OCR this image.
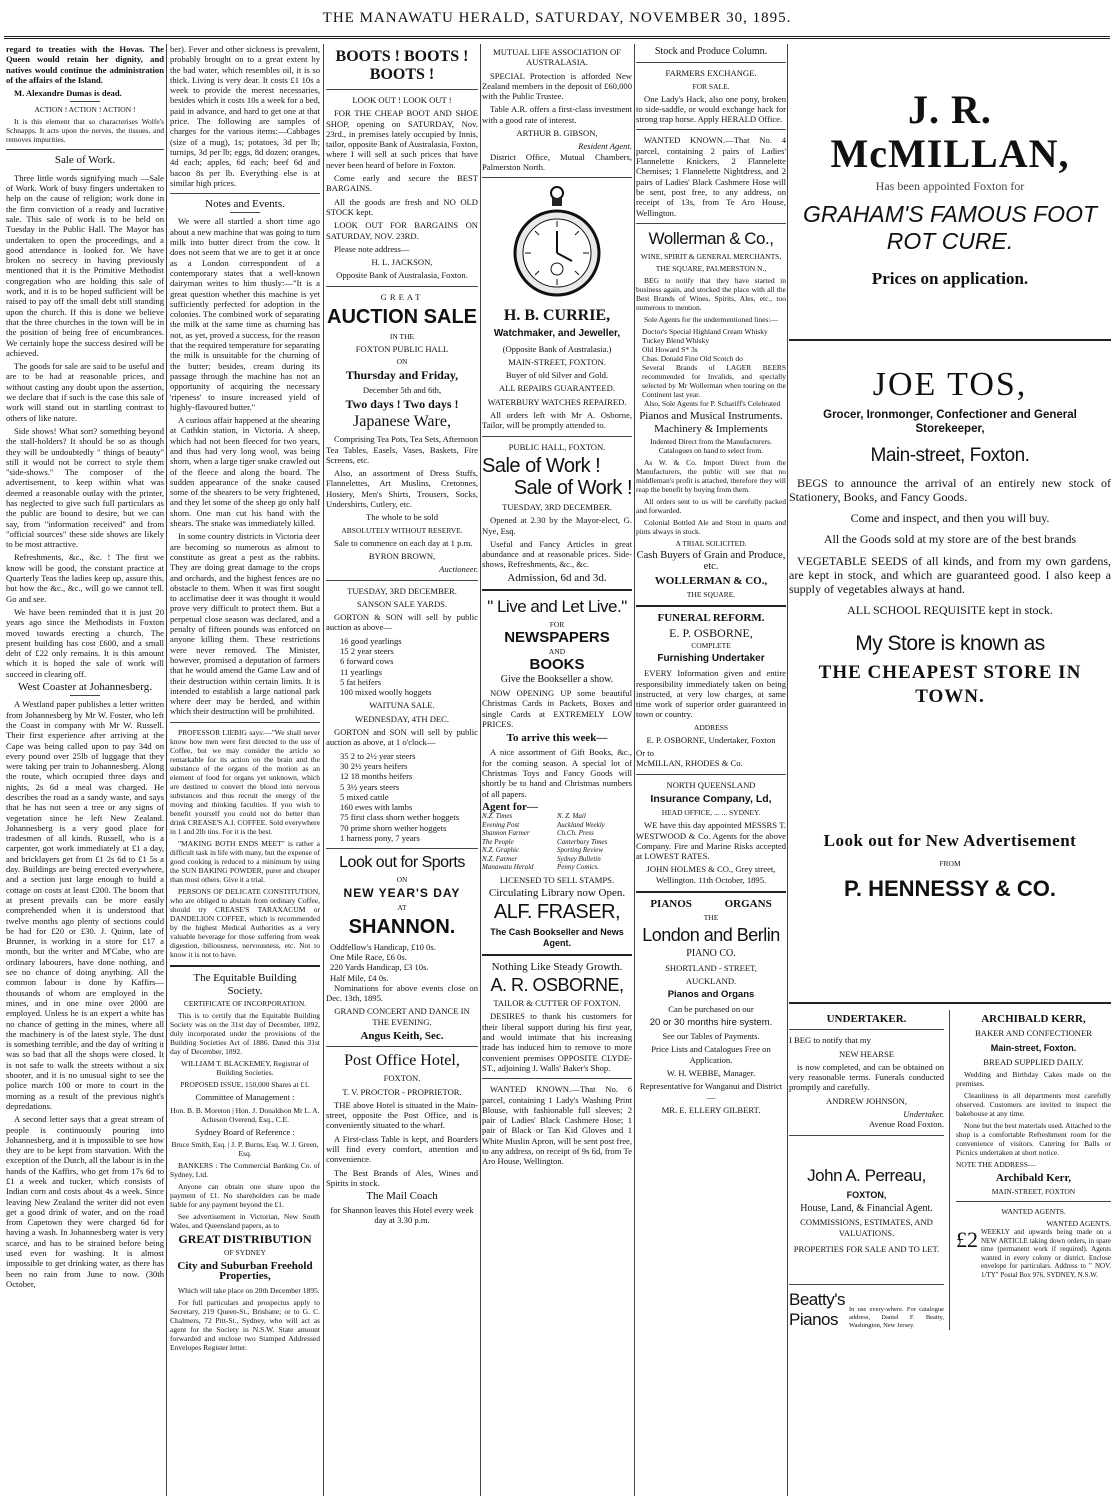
THE MANAWATU HERALD, SATURDAY, NOVEMBER 30, 1895.

regard to treaties with the Hovas. The Queen would retain her dignity, and natives would continue the administration of the affairs of the Island.

M. Alexandre Dumas is dead.

ACTION ! ACTION ! ACTION !

It is this element that so characterises Wolfe's Schnapps. It acts upon the nerves, the tissues, and removes impurities.

Sale of Work.

Three little words signifying much —Sale of Work. Work of busy fingers undertaken to help on the cause of religion; work done in the firm conviction of a ready and lucrative sale. This sale of work is to be held on Tuesday in the Public Hall. The Mayor has undertaken to open the proceedings, and a good attendance is looked for. We have broken no secrecy in having previously mentioned that it is the Primitive Methodist congregation who are holding this sale of work, and it is to be hoped sufficient will be raised to pay off the small debt still standing upon the church. If this is done we believe that the three churches in the town will be in the position of being free of encumbrances. We certainly hope the success desired will be achieved.

The goods for sale are said to be useful and are to be had at reasonable prices, and without casting any doubt upon the assertion, we declare that if such is the case this sale of work will stand out in startling contrast to others of like nature.

Side shows! What sort? something beyond the stall-holders? It should be so as though they will be undoubtedly " things of beauty" still it would not be correct to style them "side-shows." The composer of the advertisement, to keep within what was deemed a reasonable outlay with the printer, has neglected to give such full particulars as the public are bound to desire, but we can say, from "information received" and from "official sources" these side shows are likely to be most attractive.

Refreshments, &c., &c. ! The first we know will be good, the constant practice at Quarterly Teas the ladies keep up, assure this, but how the &c., &c., will go we cannot tell. Go and see.

We have been reminded that it is just 20 years ago since the Methodists in Foxton moved towards erecting a church. The present building has cost £600, and a small debt of £22 only remains. It is this amount which it is hoped the sale of work will succeed in clearing off.

West Coaster at Johannesberg.

A Westland paper publishes a letter written from Johannesberg by Mr W. Foster, who left the Coast in company with Mr W. Russell. Their first experience after arriving at the Cape was being called upon to pay 34d on every pound over 25lb of luggage that they were taking per train to Johannesberg. Along the route, which occupied three days and nights, 2s 6d a meal was charged. He describes the road as a sandy waste, and says that he has not seen a tree or any signs of vegetation since he left New Zealand. Johannesberg is a very good place for tradesmen of all kinds. Russell, who is a carpenter, got work immediately at £1 a day, and bricklayers get from £1 2s 6d to £1 5s a day. Buildings are being erected everywhere, and a section just large enough to build a cottage on costs at least £200. The boom that at present prevails can be more easily comprehended when it is understood that twelve months ago plenty of sections could be had for £20 or £30. J. Quinn, late of Brunner, is working in a store for £17 a month, but the writer and M'Cabe, who are ordinary labourers, have done nothing, and see no chance of doing anything. All the common labour is done by Kaffirs—thousands of whom are employed in the mines, and in one mine over 2000 are employed. Unless he is an expert a white has no chance of getting in the mines, where all the machinery is of the latest style. The dust is something terrible, and the day of writing it was so bad that all the shops were closed. It is not safe to walk the streets without a six shooter, and it is no unusual sight to see the police march 100 or more to court in the morning as a result of the previous night's depredations.

A second letter says that a great stream of people is continuously pouring into Johannesberg, and it is impossible to see how they are to be kept from starvation. With the exception of the Dutch, all the labour is in the hands of the Kaffirs, who get from 17s 6d to £1 a week and tucker, which consists of Indian corn and costs about 4s a week. Since leaving New Zealand the writer did not even get a good drink of water, and on the road from Capetown they were charged 6d for having a wash. In Johannesberg water is very scarce, and has to be strained before being used even for washing. It is almost impossible to get drinking water, as there has been no rain from June to now. (30th October,

ber). Fever and other sickness is prevalent, probably brought on to a great extent by the bad water, which resembles oil, it is so thick. Living is very dear. It costs £1 10s a week to provide the merest necessaries, besides which it costs 10s a week for a bed, paid in advance, and hard to get one at that price. The following are samples of charges for the various items:—Cabbages (size of a mug), 1s; potatoes, 3d per lb; turnips, 3d per lb; eggs, 8d dozen; oranges, 4d each; apples, 6d each; beef 6d and bacon 8s per lb. Everything else is at similar high prices.

Notes and Events.

We were all startled a short time ago about a new machine that was going to turn milk into butter direct from the cow. It does not seem that we are to get it at once as a London correspondent of a contemporary states that a well-known dairyman writes to him thusly:—"It is a great question whether this machine is yet sufficiently perfected for adoption in the colonies. The combined work of separating the milk at the same time as churning has not, as yet, proved a success, for the reason that the required temperature for separating the milk is unsuitable for the churning of the butter; besides, cream during its passage through the machine has not an opportunity of acquiring the necessary 'ripeness' to insure increased yield of highly-flavoured butter."

A curious affair happened at the shearing at Cathkin station, in Victoria. A sheep, which had not been fleeced for two years, and thus had very long wool, was being shorn, when a large tiger snake crawled out of the fleece and along the board. The sudden appearance of the snake caused some of the shearers to be very frightened, and they let some of the sheep go only half shorn. One man cut his hand with the shears. The snake was immediately killed.

In some country districts in Victoria deer are becoming so numerous as almost to constitute as great a pest as the rabbits. They are doing great damage to the crops and orchards, and the highest fences are no obstacle to them. When it was first sought to acclimatise deer it was thought it would prove very difficult to protect them. But a perpetual close season was declared, and a penalty of fifteen pounds was enforced on anyone killing them. These restrictions were never removed. The Minister, however, promised a deputation of farmers that he would amend the Game Law and of their destruction within certain limits. It is intended to establish a large national park where deer may be herded, and within which their destruction will be prohibited.

PROFESSOR LIEBIG says:—"We shall never know how men were first directed to the use of Coffee, but we may consider the article so remarkable for its action on the brain and the substance of the organs of the motion as an element of food for organs yet unknown, which are destined to convert the blood into nervous substances and thus recruit the energy of the moving and thinking faculties. If you wish to benefit yourself you could not do better than drink CREASE'S A.I. COFFEE. Sold everywhere in 1 and 2lb tins. For it is the best.

"MAKING BOTH ENDS MEET" is rather a difficult task in life with many, but the expense of good cooking is reduced to a minimum by using the SUN BAKING POWDER, purer and cheaper than most others. Give it a trial.

PERSONS OF DELICATE CONSTITUTION, who are obliged to abstain from ordinary Coffee, should try CREASE'S TARAXACUM or DANDELION COFFEE, which is recommended by the highest Medical Authorities as a very valuable beverage for those suffering from weak digestion, biliousness, nervousness, etc. Not to know it is not to have.

The Equitable Building
Society.
CERTIFICATE OF INCORPORATION.

This is to certify that the Equitable Building Society was on the 31st day of December, 1892, duly incorporated under the provisions of the Building Societies Act of 1886. Dated this 31st day of December, 1892.

WILLIAM T. BLACKEMEY, Registrar of Building Societies.
PROPOSED ISSUE, 150,000 Shares at £1.
Committee of Management :
Hon. B. B. Moreton | Hon. J. Donaldson Mr L. A. Acheson Overend, Esq., C.E.
Sydney Board of Reference :
Bruce Smith, Esq. | J. P. Burns, Esq. W. J. Green, Esq.

BANKERS : The Commercial Banking Co. of Sydney, Ltd.

Anyone can obtain one share upon the payment of £1. No shareholders can be made liable for any payment beyond the £1.

See advertisement in Victorian, New South Wales, and Queensland papers, as to

GREAT DISTRIBUTION
OF SYDNEY
City and Suburban Freehold Properties,

Which will take place on 20th December 1895.

For full particulars and prospectus apply to Secretary, 219 Queen-St., Brisbane; or to G. C. Chalmers, 72 Pitt-St., Sydney, who will act as agent for the Society in N.S.W. State amount forwarded and enclose two Stamped Addressed Envelopes Register letter.

BOOTS ! BOOTS ! BOOTS !
LOOK OUT ! LOOK OUT !

FOR THE CHEAP BOOT AND SHOE SHOP, opening on SATURDAY, Nov. 23rd., in premises lately occupied by Innis, tailor, opposite Bank of Australasia, Foxton, where I will sell at such prices that have never been heard of before in Foxton.

Come early and secure the BEST BARGAINS.

All the goods are fresh and NO OLD STOCK kept.

LOOK OUT FOR BARGAINS ON SATURDAY, NOV. 23RD.

Please note address—

H. L. JACKSON,
Opposite Bank of Australasia, Foxton.
GREAT
AUCTION SALE
IN THE
FOXTON PUBLIC HALL
ON
Thursday and Friday,
December 5th and 6th,
Two days ! Two days !
Japanese Ware,

Comprising Tea Pots, Tea Sets, Afternoon Tea Tables, Easels, Vases, Baskets, Fire Screens, etc.

Also, an assortment of Dress Stuffs, Flannelettes, Art Muslins, Cretonnes, Hosiery, Men's Shirts, Trousers, Socks, Undershirts, Cutlery, etc.

The whole to be sold
ABSOLUTELY WITHOUT RESERVE.

Sale to commence on each day at 1 p.m.

BYRON BROWN,
Auctioneer.
TUESDAY, 3RD DECEMBER.
SANSON SALE YARDS.

GORTON & SON will sell by public auction as above—

16 good yearlings
15 2 year steers
6 forward cows
11 yearlings
5 fat heifers
100 mixed woolly hoggets
WAITUNA SALE.
WEDNESDAY, 4TH DEC.

GORTON and SON will sell by public auction as above, at 1 o'clock—

35 2 to 2½ year steers
30 2½ years heifers
12 18 months heifers
5 3½ years steers
5 mixed cattle
160 ewes with lambs
75 first class shorn wether hoggets
70 prime shorn wether hoggets
1 harness pony, 7 years
Look out for Sports
ON
NEW YEAR'S DAY
AT
SHANNON.
Oddfellow's Handicap, £10 0s.
One Mile Race, £6 0s.
220 Yards Handicap, £3 10s.
Half Mile, £4 0s.

Nominations for above events close on Dec. 13th, 1895.

GRAND CONCERT AND DANCE IN THE EVENING.
Angus Keith, Sec.
Post Office Hotel,
FOXTON.
T. V. PROCTOR - PROPRIETOR.

THE above Hotel is situated in the Main-street, opposite the Post Office, and is conveniently situated to the wharf.

A First-class Table is kept, and Boarders will find every comfort, attention and convenience.

The Best Brands of Ales, Wines and Spirits in stock.

The Mail Coach
for Shannon leaves this Hotel every week day at 3.30 p.m.
MUTUAL LIFE ASSOCIATION OF AUSTRALASIA.

SPECIAL Protection is afforded New Zealand members in the deposit of £60,000 with the Public Trustee.

Table A.R. offers a first-class investment with a good rate of interest.

ARTHUR B. GIBSON,
Resident Agent.

District Office, Mutual Chambers, Palmerston North.

H. B. CURRIE,
Watchmaker, and Jeweller,
(Opposite Bank of Australasia.)
MAIN-STREET, FOXTON.
Buyer of old Silver and Gold.
ALL REPAIRS GUARANTEED.
WATERBURY WATCHES REPAIRED.

All orders left with Mr A. Osborne, Tailor, will be promptly attended to.

PUBLIC HALL, FOXTON.
Sale of Work !
Sale of Work !
TUESDAY, 3RD DECEMBER.

Opened at 2.30 by the Mayor-elect, G. Nye, Esq.

Useful and Fancy Articles in great abundance and at reasonable prices. Side-shows, Refreshments, &c., &c.

Admission, 6d and 3d.
" Live and Let Live."
FOR
NEWSPAPERS
AND
BOOKS
Give the Bookseller a show.

NOW OPENING UP some beautiful Christmas Cards in Packets, Boxes and single Cards at EXTREMELY LOW PRICES.

To arrive this week—

A nice assortment of Gift Books, &c., for the coming season. A special lot of Christmas Toys and Fancy Goods will shortly be to hand and Christmas numbers of all papers.

Agent for—
N.Z. Times	N. Z. Mail
Evening Post	Auckland Weekly
Shannon Farmer	Ch.Ch. Press
The People	Canterbury Times
N.Z. Graphic	Sporting Review
N.Z. Farmer	Sydney Bulletin
Manawatu Herald	Penny Comics.
LICENSED TO SELL STAMPS.
Circulating Library now Open.
ALF. FRASER,
The Cash Bookseller and News Agent.
Nothing Like Steady Growth.
A. R. OSBORNE,
TAILOR & CUTTER OF FOXTON.

DESIRES to thank his customers for their liberal support during his first year, and would intimate that his increasing trade has induced him to remove to more convenient premises OPPOSITE CLYDE-ST., adjoining J. Walls' Baker's Shop.

WANTED KNOWN.—That No. 6 parcel, containing 1 Lady's Washing Print Blouse, with fashionable full sleeves; 2 pair of Ladies' Black Cashmere Hose; 1 pair of Black or Tan Kid Gloves and 1 White Muslin Apron, will be sent post free, to any address, on receipt of 9s 6d, from Te Aro House, Wellington.

Stock and Produce Column.
FARMERS EXCHANGE.
FOR SALE.

One Lady's Hack, also one pony, broken to side-saddle, or would exchange hack for strong trap horse. Apply HERALD Office.

WANTED KNOWN.—That No. 4 parcel, containing 2 pairs of Ladies' Flannelette Knickers, 2 Flannelette Chemises; 1 Flannelette Nightdress, and 2 pairs of Ladies' Black Cashmere Hose will be sent, post free, to any address, on receipt of 13s, from Te Aro House, Wellington.

Wollerman & Co.,
WINE, SPIRIT & GENERAL MERCHANTS,
THE SQUARE, PALMERSTON N.,

BEG to notify that they have started in business again, and stocked the place with all the Best Brands of Wines, Spirits, Ales, etc., too numerous to mention.

Sole Agents for the undermentioned lines:—

Doctor's Special Highland Cream Whisky
Tuckey Blend Whisky
Old Howard S* 3s
Chas. Donald Fine Old Scotch do
Several Brands of LAGER BEERS recommended for Invalids, and specially selected by Mr Wollerman when touring on the Continent last year.

Also, Sole Agents for P. Schariff's Celebrated

Pianos and Musical Instruments.
Machinery & Implements
Indented Direct from the Manufacturers. Catalogues on hand to select from.

As W. & Co. Import Direct from the Manufacturers, the public will see that no middleman's profit is attached, therefore they will reap the benefit by buying from them.

All orders sent to us will be carefully packed and forwarded.

Colonial Bottled Ale and Stout in quarts and pints always in stock.

A TRIAL SOLICITED.
Cash Buyers of Grain and Produce, etc.
WOLLERMAN & CO.,
THE SQUARE.
FUNERAL REFORM.
E. P. OSBORNE,
COMPLETE
Furnishing Undertaker

EVERY Information given and entire responsibility immediately taken on being instructed, at very low charges, at same time work of superior order guaranteed in town or country.

ADDRESS
E. P. OSBORNE, Undertaker, Foxton
Or to
McMILLAN, RHODES & Co.
NORTH QUEENSLAND
Insurance Company, Ld,
HEAD OFFICE, ... ... SYDNEY.

WE have this day appointed MESSRS T. WESTWOOD & Co. Agents for the above Company. Fire and Marine Risks accepted at LOWEST RATES.

JOHN HOLMES & CO., Grey street, Wellington. 11th October, 1895.
PIANOS ORGANS
THE
London and Berlin
PIANO CO.
SHORTLAND - STREET,
AUCKLAND.
Pianos and Organs
Can be purchased on our
20 or 30 months hire system.
See our Tables of Payments.
Price Lists and Catalogues Free on Application.
W. H. WEBBE, Manager.
Representative for Wanganui and District—
MR. E. ELLERY GILBERT.
J. R. McMILLAN,
Has been appointed Foxton for
GRAHAM'S FAMOUS FOOT ROT CURE.
Prices on application.
JOE TOS,
Grocer, Ironmonger, Confectioner and General Storekeeper,
Main-street, Foxton.

BEGS to announce the arrival of an entirely new stock of Stationery, Books, and Fancy Goods.

Come and inspect, and then you will buy.
All the Goods sold at my store are of the best brands

VEGETABLE SEEDS of all kinds, and from my own gardens, are kept in stock, and which are guaranteed good. I also keep a supply of vegetables always at hand.

ALL SCHOOL REQUISITE kept in stock.
My Store is known as
THE CHEAPEST STORE IN TOWN.
Look out for New Advertisement
FROM
P. HENNESSY & CO.
UNDERTAKER.
I BEG to notify that my
NEW HEARSE

is now completed, and can be obtained on very reasonable terms. Funerals conducted promptly and carefully.

ANDREW JOHNSON,
Undertaker.
Avenue Road Foxton.
John A. Perreau,
FOXTON,
House, Land, & Financial Agent.
COMMISSIONS, ESTIMATES, AND VALUATIONS.
PROPERTIES FOR SALE AND TO LET.
Beatty's Pianos
In use every-where. For catalogue address, Daniel F. Beatty, Washington, New Jersey.
ARCHIBALD KERR,
BAKER AND CONFECTIONER
Main-street, Foxton.
BREAD SUPPLIED DAILY.

Wedding and Birthday Cakes made on the premises.

Cleanliness in all departments most carefully observed. Customers are invited to inspect the bakehouse at any time.

None but the best materials used. Attached to the shop is a comfortable Refreshment room for the convenience of visitors. Catering for Balls or Picnics undertaken at short notice.

NOTE THE ADDRESS—
Archibald Kerr,
MAIN-STREET, FOXTON
WANTED AGENTS.
WANTED AGENTS.
£2 WEEKLY and upwards being made on a NEW ARTICLE taking down orders, in spare time (permanent work if required). Agents wanted in every colony or district. Enclose envelope for particulars. Address to " NOV. 1/TY" Postal Box 976, SYDNEY, N.S.W.
